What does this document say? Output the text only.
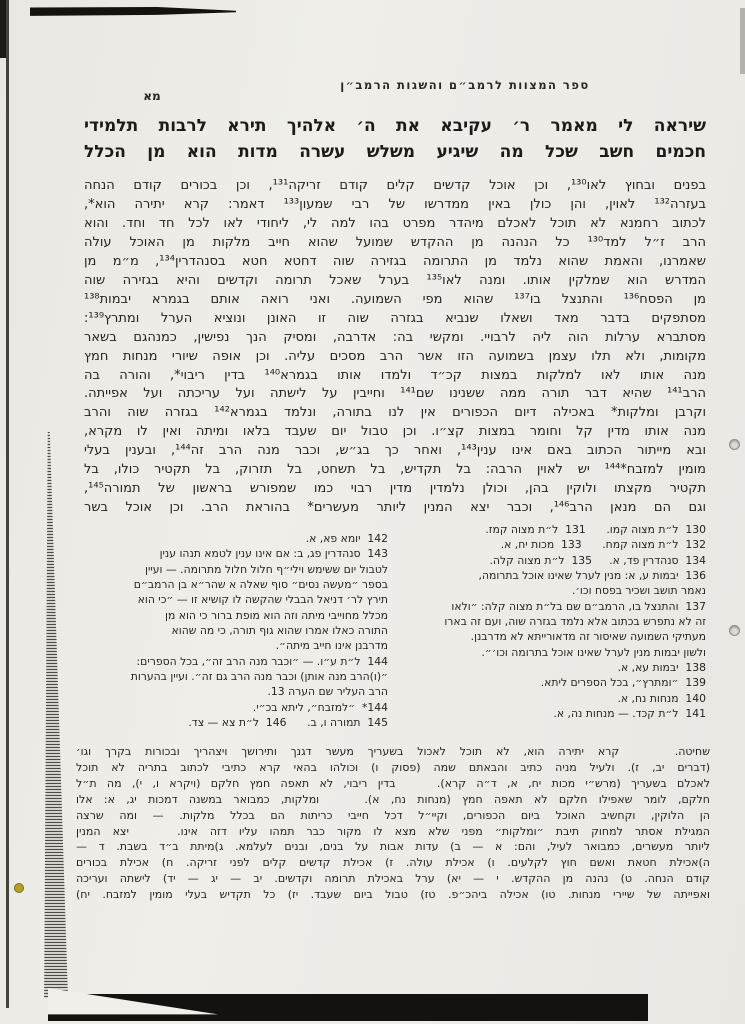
ספר המצוות לרמב״ם והשגות הרמב״ן
מא
שיראה לי מאמר ר׳ עקיבא את ה׳ אלהיך תירא לרבות תלמידי
חכמים חשב שכל מה שיגיע משלש עשרה מדות הוא מן הכלל
בפנים ובחוץ לאו¹³⁰, וכן אוכל קדשים קלים קודם זריקה¹³¹, וכן בכורים קודם הנחה
בעזרה¹³² לאוין, והן כולן באין ממדרשו של רבי שמעון¹³³ דאמר: קרא יתירה הוא*,
לכתוב רחמנא לא תוכל לאכלם מיהדר מפרט בהו למה לי, ליחודי לאו לכל חד וחד. והוא
הרב ז״ל למד¹³⁰ כל הנהנה מן ההקדש שמועל שהוא חייב מלקות מן האוכל עולה
שאמרנו, והאמת שהוא נלמד מן התרומה בגזירה שוה דחטא חטא בסנהדרין¹³⁴, מ״מ מן
המדרש הוא שמלקין אותו. ומנה לאו¹³⁵ בערל שאכל תרומה וקדשים והיא בגזירה שוה
מן הפסח¹³⁶ והתנצל בו¹³⁷ שהוא מפי השמועה. ואני רואה אותם בגמרא יבמות¹³⁸
מסתפקים בדבר מאד ושאלו שנביא בגזרה שוה זו האונן ונוציא הערל ומתרץ¹³⁹:
מסתברא ערלות הוה ליה לרבויי. ומקשי בה: אדרבה, ומסיק הנך נפישין, כמנהגם בשאר
מקומות, ולא תלו עצמן בשמועה הזו אשר הרב מסכים עליה. וכן אופה שיורי מנחות חמץ
מנה אותו לאו למלקות במצות קכ״ד ולמדו אותו בגמרא¹⁴⁰ בדין ריבוי*, והורה בה
הרב¹⁴¹ שהיא דבר תורה ממה ששנינו שם¹⁴¹ וחייבין על לישתה ועל עריכתה ועל אפייתה.
וקרבן ומלקות* באכילה דיום הכפורים אין לנו בתורה, ונלמד בגמרא¹⁴² בגזרה שוה והרב
מנה אותו מדין קל וחומר במצות קצ״ו. וכן טבול יום שעבד בלאו ומיתה ואין לו מקרא,
ובא מייתור הכתוב באם אינו ענין¹⁴³, ואחר כך בג״ש, וכבר מנה הרב זה¹⁴⁴, ובענין בעלי
מומין למזבח*¹⁴⁴ יש לאוין הרבה: בל תקדיש, בל תשחט, בל תזרוק, בל תקטיר כולו, בל
תקטיר מקצתו ולוקין בהן, וכולן נלמדין מדין רבוי כמו שמפורש בראשון של תמורה¹⁴⁵,
וגם הם מנאן הרב¹⁴⁶, וכבר יצא המנין ליותר מעשרים* בהוראת הרב. וכן אוכל בשר
130  ל״ת מצוה קמו.      131  ל״ת מצוה קמז.
132  ל״ת מצוה קמח.      133  מכות יח, א.
134  סנהדרין פד, א.     135  ל״ת מצוה קלה.
136  יבמות ע, א: מנין לערל שאינו אוכל בתרומה,
נאמר תושב ושכיר בפסח וכו׳.
137  והתנצל בו, הרמב״ם שם בל״ת מצוה קלה: ״ולאו
זה לא נתפרש בכתוב אלא נלמד בגזרה שוה, ועם זה בארו
מעתיקי השמועה שאיסור זה מדאורייתא לא מדרבנן.
ולשון יבמות מנין לערל שאינו אוכל בתרומה וכו׳״.
138  יבמות עא, א.
139  ״ומתרץ״, בכל הספרים ליתא.
140  מנחות נח, א.
141  ל״ת קכד. — מנחות נה, א.
142  יומא פא, א.
143  סנהדרין פג, ב: אם אינו ענין לטמא תנהו ענין
לטבול יום ששימש וילי״ף חלול חלול מתרומה. — ועיין
בספר ״מעשה נסים״ סוף שאלה א שהר״א בן הרמב״ם
תירץ לר׳ דניאל הבבלי שהקשה לו קושיא זו — ״כי הוא
מכלל מחוייבי מיתה וזה הוא מופת ברור כי הוא מן
התורה כאלו אמרו שהוא גוף תורה, כי מה שהוא
מדרבנן אינו חייב מיתה״.
144  ל״ת ע״ו. — ״וכבר מנה הרב זה״, בכל הספרים:
״(ו)הרב מנה אותן) וכבר מנה הרב גם זה״. ועיין בהערות
הרב העליר שם הערה 13.
144*  ״למזבח״, ליתא בכ״י.
145  תמורה ו, ב.      146  ל״ת צא — צד.
שחיטה.    קרא יתירה הוא, לא תוכל לאכול בשעריך מעשר דגנך ותירושך ויצהריך ובכורות בקרך וגו׳
(דברים יב, ז). ולעיל מניה כתיב והבאתם שמה (פסוק ו) וכולהו בהאי קרא כתיבי לכתוב בתריה לא תוכל
לאכלם בשעריך (מרש״י מכות יח, א, ד״ה קרא).    בדין ריבוי, לא תאפה חמץ חלקם (ויקרא ו, י), מה ת״ל
חלקם, לומר שאפילו חלקם לא תאפה חמץ (מנחות נח, א).    ומלקות, כמבואר במשנה דמכות יג, א: אלו
הן הלוקין, וקחשיב האוכל ביום הכפורים, וקיי״ל דכל חייבי כריתות הם בכלל מלקות. — ומה שרצה
המגילת אסתר למחוק תיבת ״ומלקות״ מפני שלא מצא לו מקור כבר תמהו עליו דזה אינו.    יצא המנין
ליותר מעשרים, כמבואר לעיל, והם: א — ב) עדות אבות על בנים, ובנים לעלמא. ג)מיתת ב״ד בשבת. ד —
ה)אכילת חטאת ואשם חוץ לקלעים. ו) אכילת עולה. ז) אכילת קדשים קלים לפני זריקה. ח) אכילת בכורים
קודם הנחה. ט) נהנה מן ההקדש. י — יא) ערל באכילת תרומה וקדשים. יב — יג — יד) לישתה ועריכה
ואפייתה של שיירי מנחות. טו) אכילה ביהכ״פ. טז) טבול ביום שעבד. יז) כל תקדיש בעלי מומין למזבח. יח)
